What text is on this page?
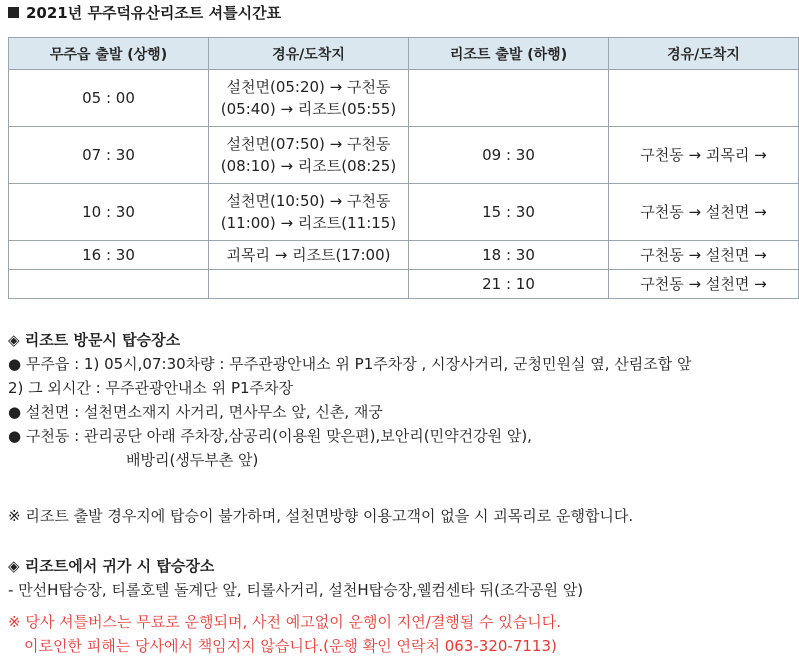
2021년 무주덕유산리조트 셔틀시간표
무주읍 출발 (상행)	경유/도착지	리조트 출발 (하행)	경유/도착지
05 : 00	설천면(05:20) → 구천동
(05:40) → 리조트(05:55)		

07 : 30	설천면(07:50) → 구천동
(08:10) → 리조트(08:25)	09 : 30	구천동 → 괴목리 →
10 : 30	설천면(10:50) → 구천동
(11:00) → 리조트(11:15)	15 : 30	구천동 → 설천면 →
16 : 30	괴목리 → 리조트(17:00)	18 : 30	구천동 → 설천면 →
		21 : 10	구천동 → 설천면 →
◈ 리조트 방문시 탑승장소
● 무주읍 : 1) 05시,07:30차량 : 무주관광안내소 위 P1주차장 , 시장사거리, 군청민원실 옆, 산림조합 앞
2) 그 외시간 : 무주관광안내소 위 P1주차장
● 설천면 : 설천면소재지 사거리, 면사무소 앞, 신촌, 재궁
● 구천동 : 관리공단 아래 주차장,삼공리(이용원 맞은편),보안리(민약건강원 앞),
배방리(생두부촌 앞)
※ 리조트 출발 경우지에 탑승이 불가하며, 설천면방향 이용고객이 없을 시 괴목리로 운행합니다.
◈ 리조트에서 귀가 시 탑승장소
- 만선H탑승장, 티롤호텔 돌계단 앞, 티롤사거리, 설천H탑승장,웰컴센타 뒤(조각공원 앞)
※ 당사 셔틀버스는 무료로 운행되며, 사전 예고없이 운행이 지연/결행될 수 있습니다.
이로인한 피해는 당사에서 책임지지 않습니다.(운행 확인 연락처 063-320-7113)
